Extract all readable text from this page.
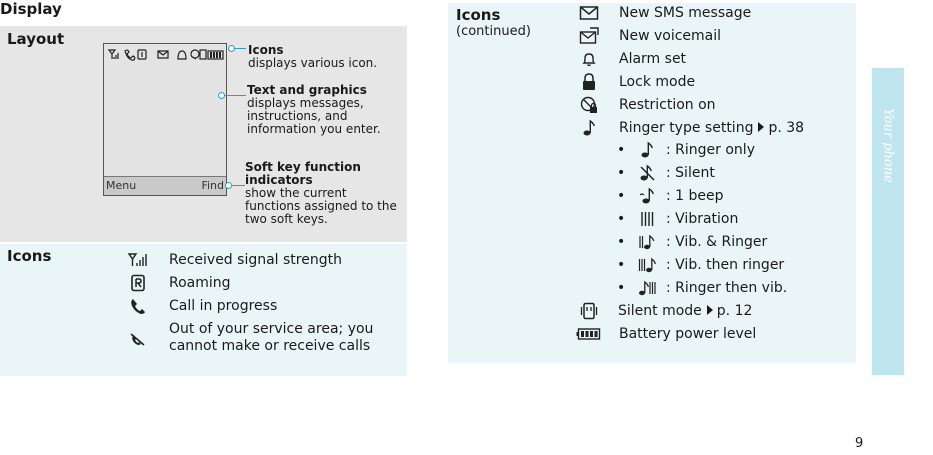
Display
Layout
Menu	Find
Icons
displays various icon.
Text and graphics
displays messages, instructions, and information you enter.
Soft key function indicators
show the current functions assigned to the two soft keys.
Icons	Received signal strength
Roaming
Call in progress
Out of your service area; you cannot make or receive calls
Icons
(continued)
New SMS message
New voicemail
Alarm set
Lock mode
Restriction on
Ringer type setting p. 38
•	: Ringer only
•	: Silent
•	: 1 beep
•	: Vibration
•	: Vib. & Ringer
•	: Vib. then ringer
•	: Ringer then vib.
Silent mode p. 12
Battery power level
Your phone
9
